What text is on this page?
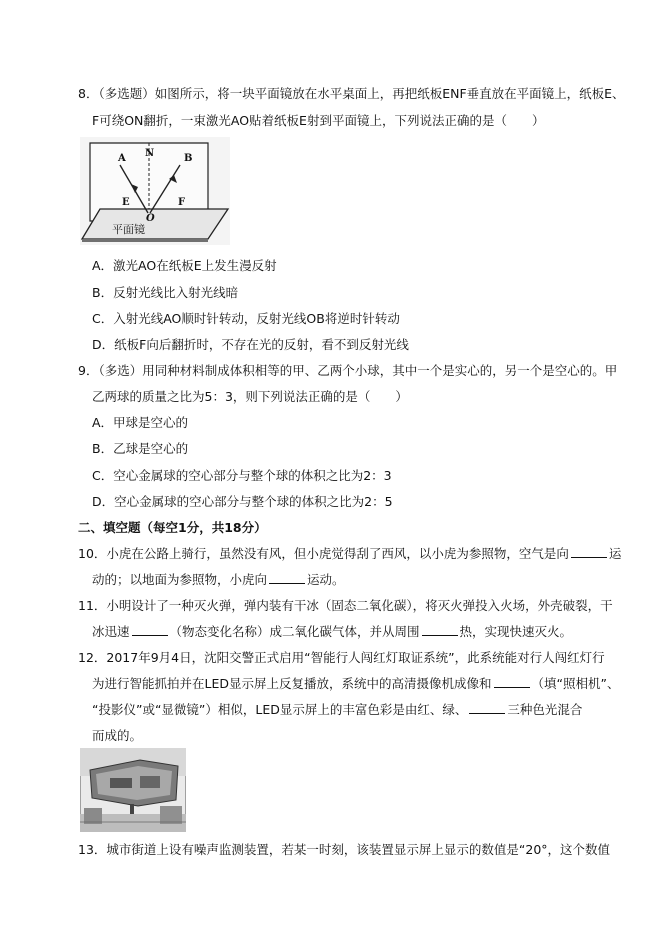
8．（多选题）如图所示，将一块平面镜放在水平桌面上，再把纸板ENF垂直放在平面镜上，纸板E、
F可绕ON翻折，一束激光AO贴着纸板E射到平面镜上，下列说法正确的是（　　）
A N	B
E
O
F
平面镜
A．激光AO在纸板E上发生漫反射
B．反射光线比入射光线暗
C．入射光线AO顺时针转动，反射光线OB将逆时针转动
D．纸板F向后翻折时，不存在光的反射，看不到反射光线
9．（多选）用同种材料制成体积相等的甲、乙两个小球，其中一个是实心的，另一个是空心的。甲
乙两球的质量之比为5：3，则下列说法正确的是（　　）
A．甲球是空心的
B．乙球是空心的
C．空心金属球的空心部分与整个球的体积之比为2：3
D．空心金属球的空心部分与整个球的体积之比为2：5
二、填空题（每空1分，共18分）
10．小虎在公路上骑行，虽然没有风，但小虎觉得刮了西风，以小虎为参照物，空气是向	运
动的；以地面为参照物，小虎向	运动。
11．小明设计了一种灭火弹，弹内装有干冰（固态二氧化碳），将灭火弹投入火场，外壳破裂，干
冰迅速	（物态变化名称）成二氧化碳气体，并从周围	热，实现快速灭火。
12．2017年9月4日，沈阳交警正式启用“智能行人闯红灯取证系统”，此系统能对行人闯红灯行
为进行智能抓拍并在LED显示屏上反复播放，系统中的高清摄像机成像和	（填“照相机”、
“投影仪”或“显微镜”）相似，LED显示屏上的丰富色彩是由红、绿、	三种色光混合
而成的。
13．城市街道上设有噪声监测装置，若某一时刻，该装置显示屏上显示的数值是“20°，这个数值
